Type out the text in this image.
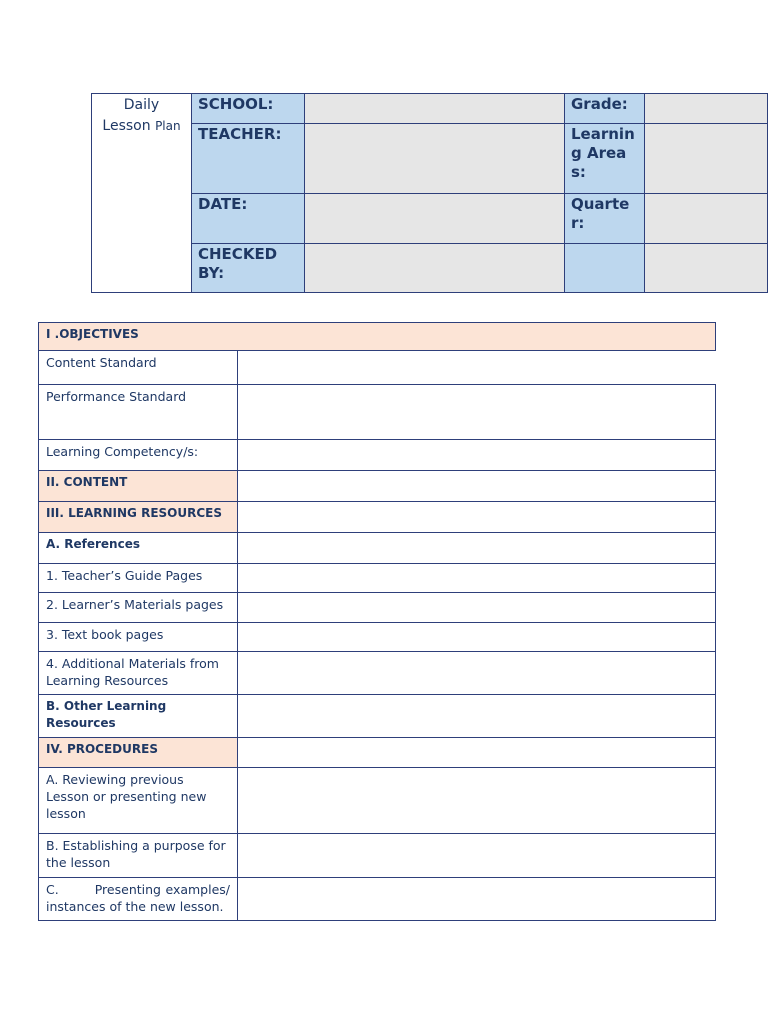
Daily
Lesson Plan
SCHOOL:
TEACHER:
DATE:
CHECKED BY:
Grade:
Learning Areas:
Quarter:
I .OBJECTIVES
Content Standard
Performance Standard
Learning Competency/s:
II. CONTENT
III. LEARNING RESOURCES
A. References
1. Teacher’s Guide Pages
2. Learner’s Materials pages
3. Text book pages
4. Additional Materials from Learning Resources
B. Other Learning Resources
IV. PROCEDURES
A. Reviewing previous Lesson or presenting new lesson
B. Establishing a purpose for the lesson
C.        Presenting examples/ instances of the new lesson.
